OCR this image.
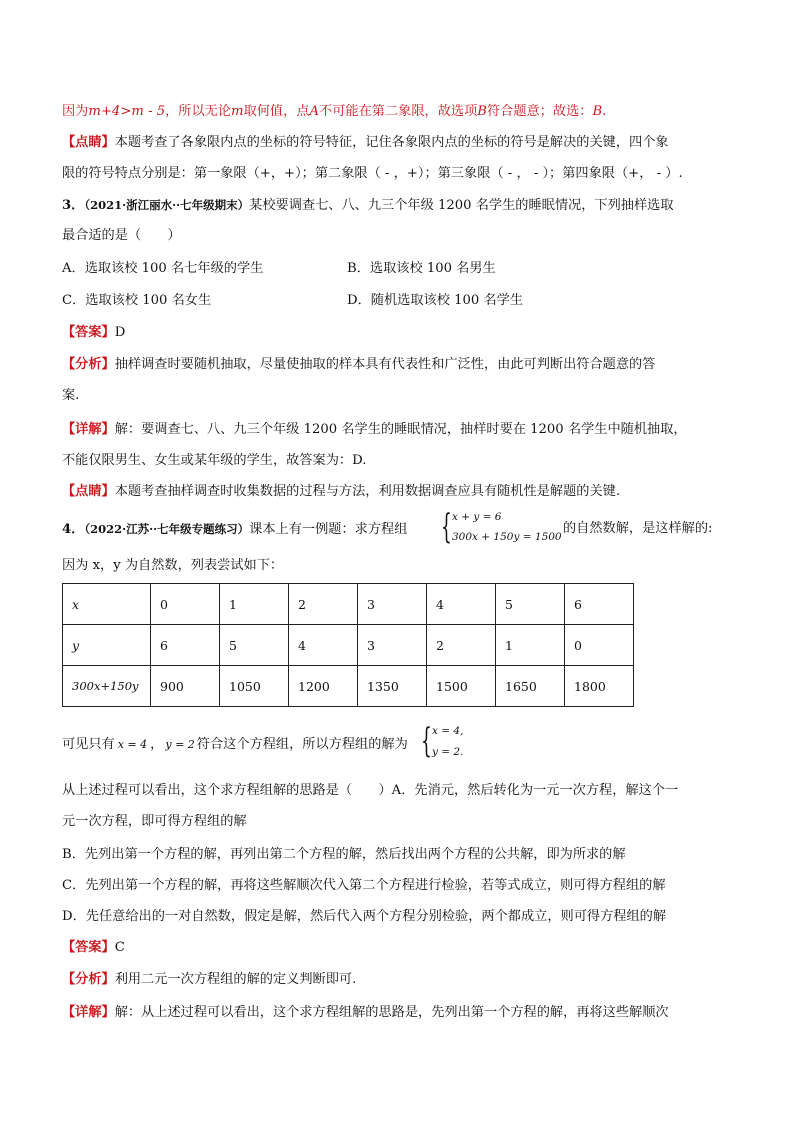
因为m+4>m - 5，所以无论m取何值，点A不可能在第二象限，故选项B符合题意；故选：B.
【点睛】本题考查了各象限内点的坐标的符号特征，记住各象限内点的坐标的符号是解决的关键，四个象
限的符号特点分别是：第一象限（+，+）；第二象限（ - ，+）；第三象限（ - ， - ）；第四象限（+， - ）.
3．（2021·浙江丽水··七年级期末）某校要调查七、八、九三个年级 1200 名学生的睡眠情况，下列抽样选取
最合适的是（　　）
A．选取该校 100 名七年级的学生	B．选取该校 100 名男生
C．选取该校 100 名女生	D．随机选取该校 100 名学生
【答案】D
【分析】抽样调查时要随机抽取，尽量使抽取的样本具有代表性和广泛性，由此可判断出符合题意的答
案.
【详解】解：要调查七、八、九三个年级 1200 名学生的睡眠情况，抽样时要在 1200 名学生中随机抽取，
不能仅限男生、女生或某年级的学生，故答案为：D.
【点睛】本题考查抽样调查时收集数据的过程与方法，利用数据调查应具有随机性是解题的关键.
4．（2022·江苏··七年级专题练习）课本上有一例题：求方程组 { x + y = 6
300x + 150y = 1500
的自然数解，是这样解的:
因为 x，y 为自然数，列表尝试如下：
x	0	1	2	3	4	5	6
y	6	5	4	3	2	1	0
300x+150y	900	1050	1200	1350	1500	1650	1800
可见只有 x = 4 ， y = 2 符合这个方程组，所以方程组的解为 { x = 4,
y = 2.
从上述过程可以看出，这个求方程组解的思路是（　　）A．先消元，然后转化为一元一次方程，解这个一
元一次方程，即可得方程组的解
B．先列出第一个方程的解，再列出第二个方程的解，然后找出两个方程的公共解，即为所求的解
C．先列出第一个方程的解，再将这些解顺次代入第二个方程进行检验，若等式成立，则可得方程组的解
D．先任意给出的一对自然数，假定是解，然后代入两个方程分别检验，两个都成立，则可得方程组的解
【答案】C
【分析】利用二元一次方程组的解的定义判断即可.
【详解】解：从上述过程可以看出，这个求方程组解的思路是，先列出第一个方程的解，再将这些解顺次
